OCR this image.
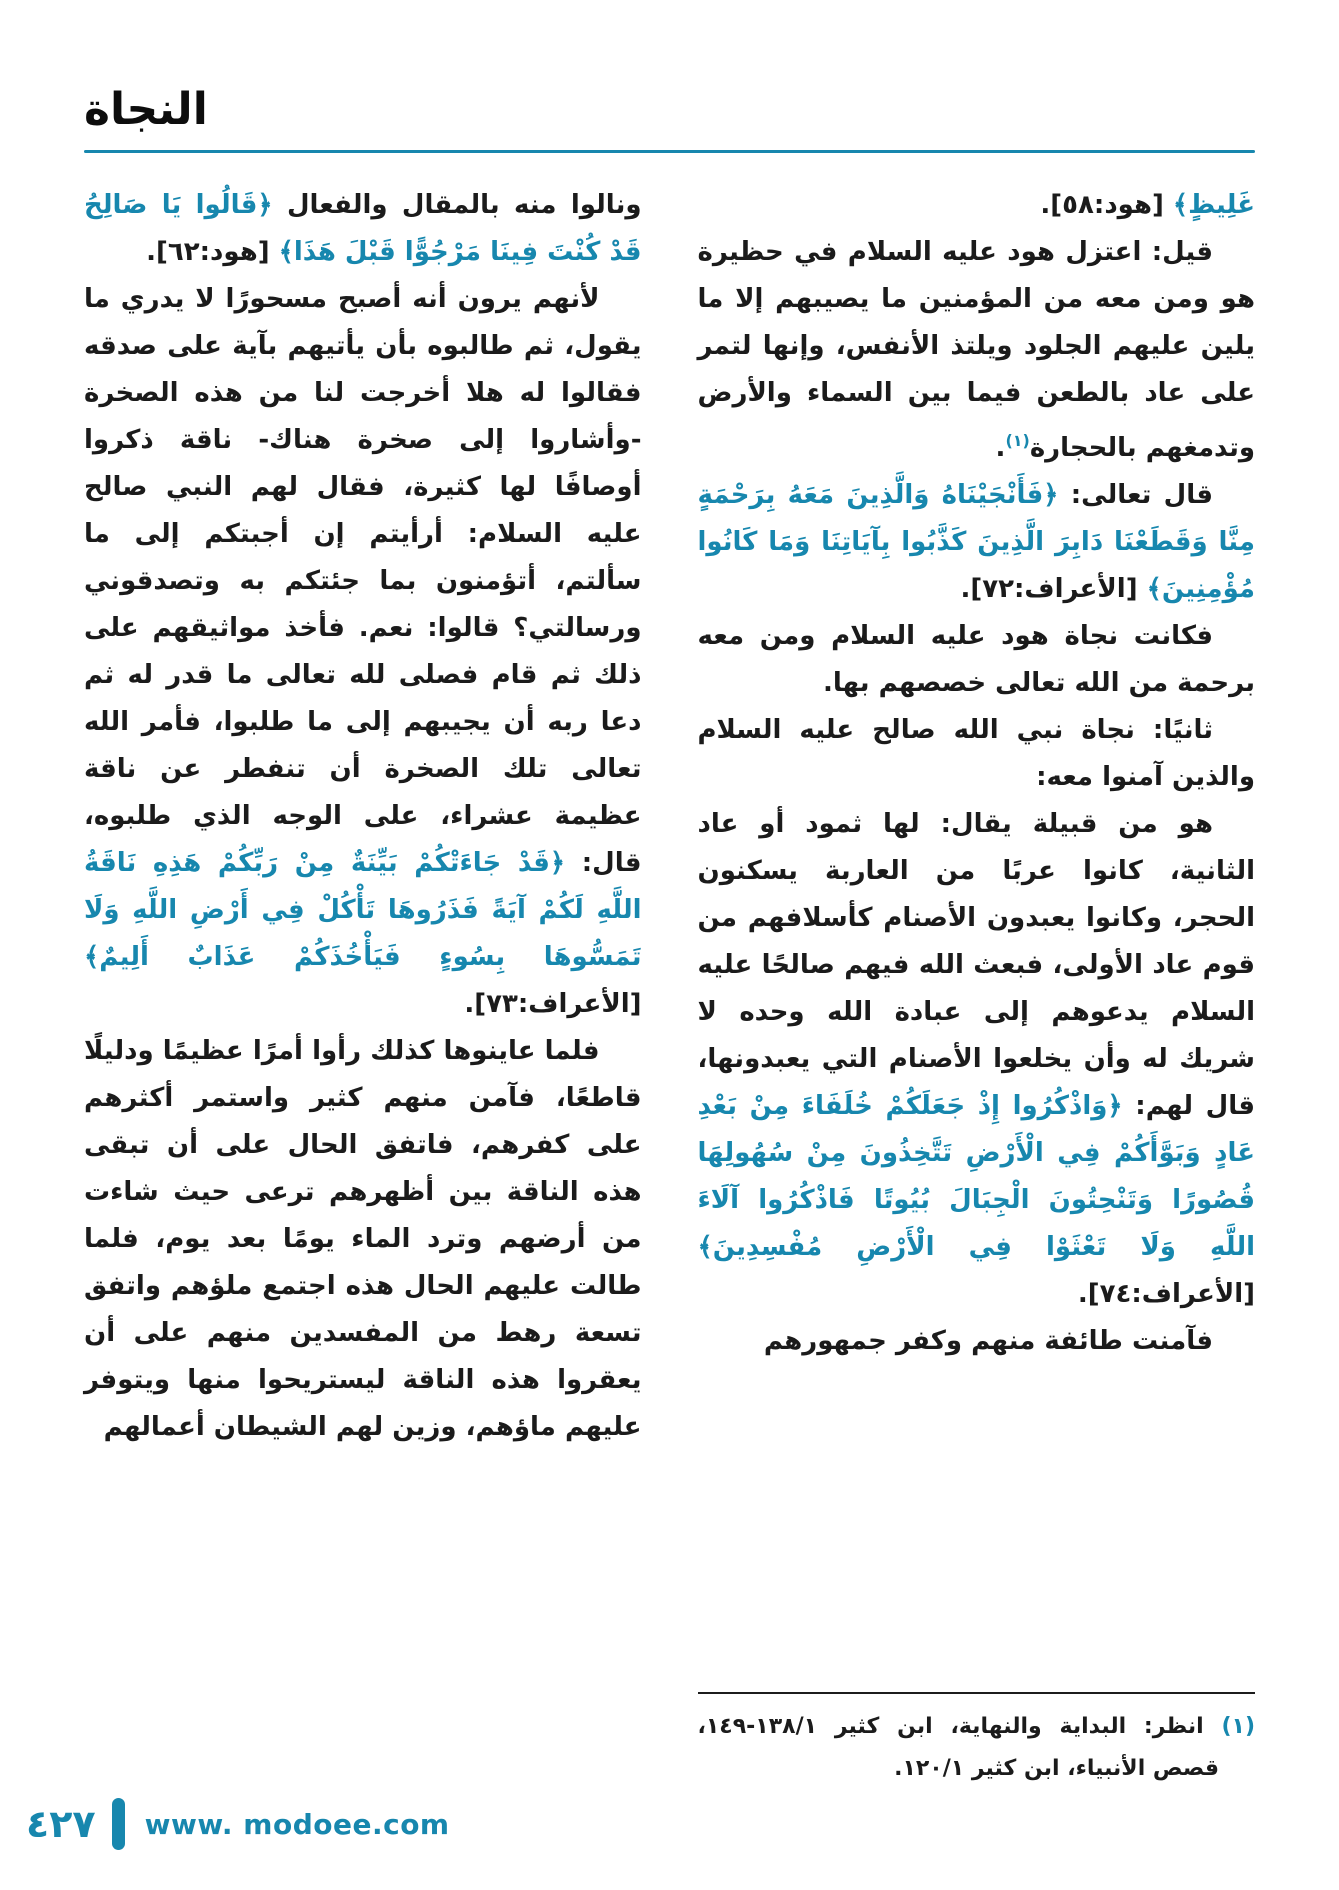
النجاة

غَلِيظٍ﴾ [هود:٥٨].

قيل: اعتزل هود عليه السلام في حظيرة هو ومن معه من المؤمنين ما يصيبهم إلا ما يلين عليهم الجلود ويلتذ الأنفس، وإنها لتمر على عاد بالطعن فيما بين السماء والأرض وتدمغهم بالحجارة$^{(١)}$.

قال تعالى: ﴿فَأَنْجَيْنَاهُ وَالَّذِينَ مَعَهُ بِرَحْمَةٍ مِنَّا وَقَطَعْنَا دَابِرَ الَّذِينَ كَذَّبُوا بِآيَاتِنَا وَمَا كَانُوا مُؤْمِنِينَ﴾ [الأعراف:٧٢].

فكانت نجاة هود عليه السلام ومن معه برحمة من الله تعالى خصصهم بها.

ثانيًا: نجاة نبي الله صالح عليه السلام والذين آمنوا معه:

هو من قبيلة يقال: لها ثمود أو عاد الثانية، كانوا عربًا من العاربة يسكنون الحجر، وكانوا يعبدون الأصنام كأسلافهم من قوم عاد الأولى، فبعث الله فيهم صالحًا عليه السلام يدعوهم إلى عبادة الله وحده لا شريك له وأن يخلعوا الأصنام التي يعبدونها، قال لهم: ﴿وَاذْكُرُوا إِذْ جَعَلَكُمْ خُلَفَاءَ مِنْ بَعْدِ عَادٍ وَبَوَّأَكُمْ فِي الْأَرْضِ تَتَّخِذُونَ مِنْ سُهُولِهَا قُصُورًا وَتَنْحِتُونَ الْجِبَالَ بُيُوتًا فَاذْكُرُوا آلَاءَ اللَّهِ وَلَا تَعْثَوْا فِي الْأَرْضِ مُفْسِدِينَ﴾ [الأعراف:٧٤].

فآمنت طائفة منهم وكفر جمهورهم

(١) انظر: البداية والنهاية، ابن كثير ١٣٨/١-١٤٩، قصص الأنبياء، ابن كثير ١٢٠/١.

ونالوا منه بالمقال والفعال ﴿قَالُوا يَا صَالِحُ قَدْ كُنْتَ فِينَا مَرْجُوًّا قَبْلَ هَذَا﴾ [هود:٦٢].

لأنهم يرون أنه أصبح مسحورًا لا يدري ما يقول، ثم طالبوه بأن يأتيهم بآية على صدقه فقالوا له هلا أخرجت لنا من هذه الصخرة -وأشاروا إلى صخرة هناك- ناقة ذكروا أوصافًا لها كثيرة، فقال لهم النبي صالح عليه السلام: أرأيتم إن أجبتكم إلى ما سألتم، أتؤمنون بما جئتكم به وتصدقوني ورسالتي؟ قالوا: نعم. فأخذ مواثيقهم على ذلك ثم قام فصلى لله تعالى ما قدر له ثم دعا ربه أن يجيبهم إلى ما طلبوا، فأمر الله تعالى تلك الصخرة أن تنفطر عن ناقة عظيمة عشراء، على الوجه الذي طلبوه، قال: ﴿قَدْ جَاءَتْكُمْ بَيِّنَةٌ مِنْ رَبِّكُمْ هَذِهِ نَاقَةُ اللَّهِ لَكُمْ آيَةً فَذَرُوهَا تَأْكُلْ فِي أَرْضِ اللَّهِ وَلَا تَمَسُّوهَا بِسُوءٍ فَيَأْخُذَكُمْ عَذَابٌ أَلِيمٌ﴾ [الأعراف:٧٣].

فلما عاينوها كذلك رأوا أمرًا عظيمًا ودليلًا قاطعًا، فآمن منهم كثير واستمر أكثرهم على كفرهم، فاتفق الحال على أن تبقى هذه الناقة بين أظهرهم ترعى حيث شاءت من أرضهم وترد الماء يومًا بعد يوم، فلما طالت عليهم الحال هذه اجتمع ملؤهم واتفق تسعة رهط من المفسدين منهم على أن يعقروا هذه الناقة ليستريحوا منها ويتوفر عليهم ماؤهم، وزين لهم الشيطان أعمالهم

٤٢٧ www. modoee.com
